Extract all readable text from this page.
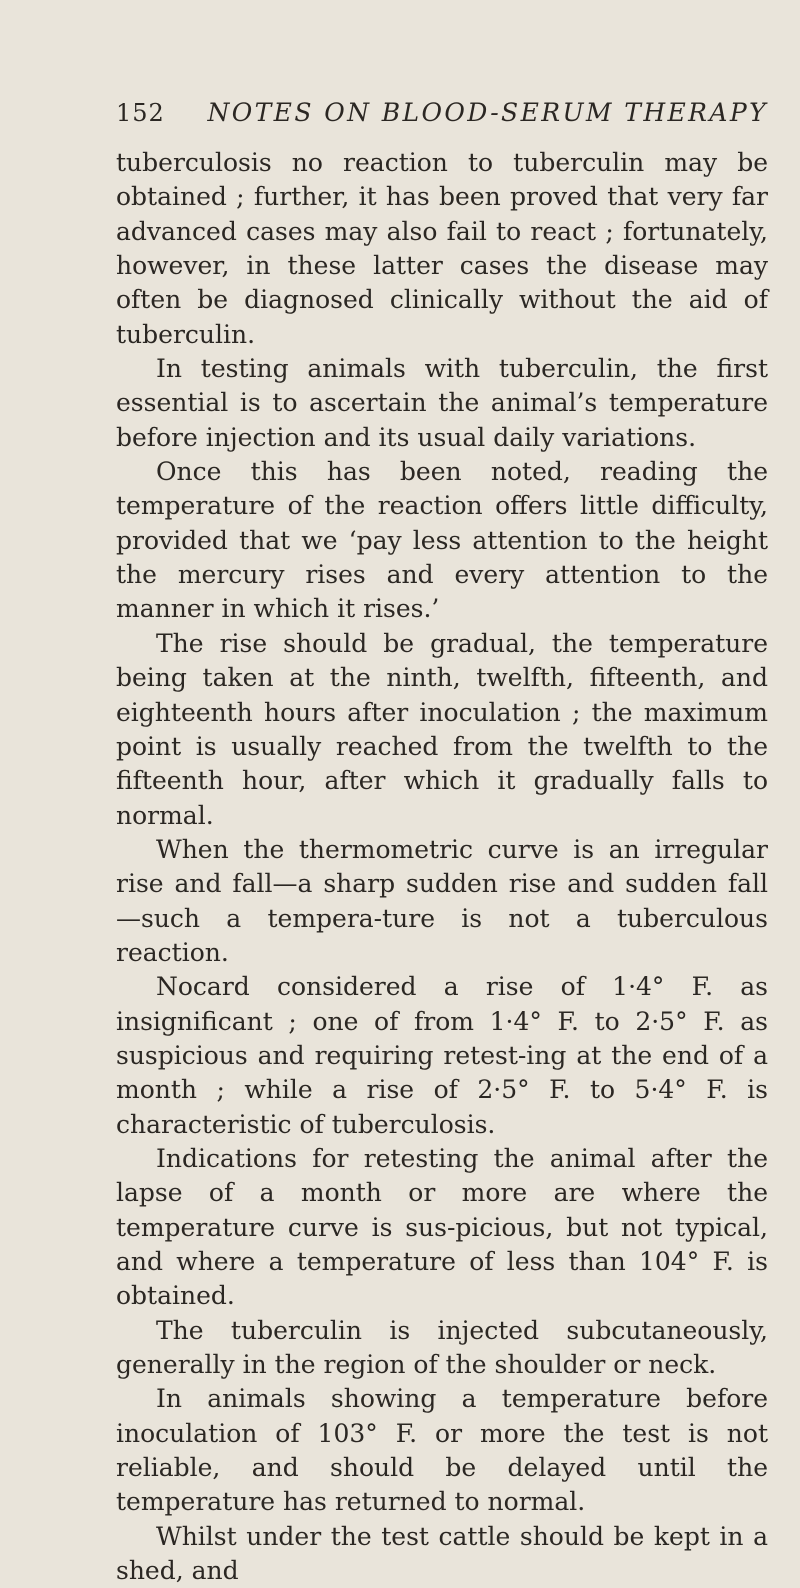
152	NOTES ON BLOOD-SERUM THERAPY

tuberculosis no reaction to tuberculin may be obtained ; further, it has been proved that very far advanced cases may also fail to react ; fortunately, however, in these latter cases the disease may often be diagnosed clinically without the aid of tuberculin.

In testing animals with tuberculin, the first essential is to ascertain the animal’s temperature before injection and its usual daily variations.

Once this has been noted, reading the temperature of the reaction offers little difficulty, provided that we ‘pay less attention to the height the mercury rises and every attention to the manner in which it rises.’

The rise should be gradual, the temperature being taken at the ninth, twelfth, fifteenth, and eighteenth hours after inoculation ; the maximum point is usually reached from the twelfth to the fifteenth hour, after which it gradually falls to normal.

When the thermometric curve is an irregular rise and fall—a sharp sudden rise and sudden fall—such a tempera-ture is not a tuberculous reaction.

Nocard considered a rise of 1·4° F. as insignificant ; one of from 1·4° F. to 2·5° F. as suspicious and requiring retest-ing at the end of a month ; while a rise of 2·5° F. to 5·4° F. is characteristic of tuberculosis.

Indications for retesting the animal after the lapse of a month or more are where the temperature curve is sus-picious, but not typical, and where a temperature of less than 104° F. is obtained.

The tuberculin is injected subcutaneously, generally in the region of the shoulder or neck.

In animals showing a temperature before inoculation of 103° F. or more the test is not reliable, and should be delayed until the temperature has returned to normal.

Whilst under the test cattle should be kept in a shed, and
